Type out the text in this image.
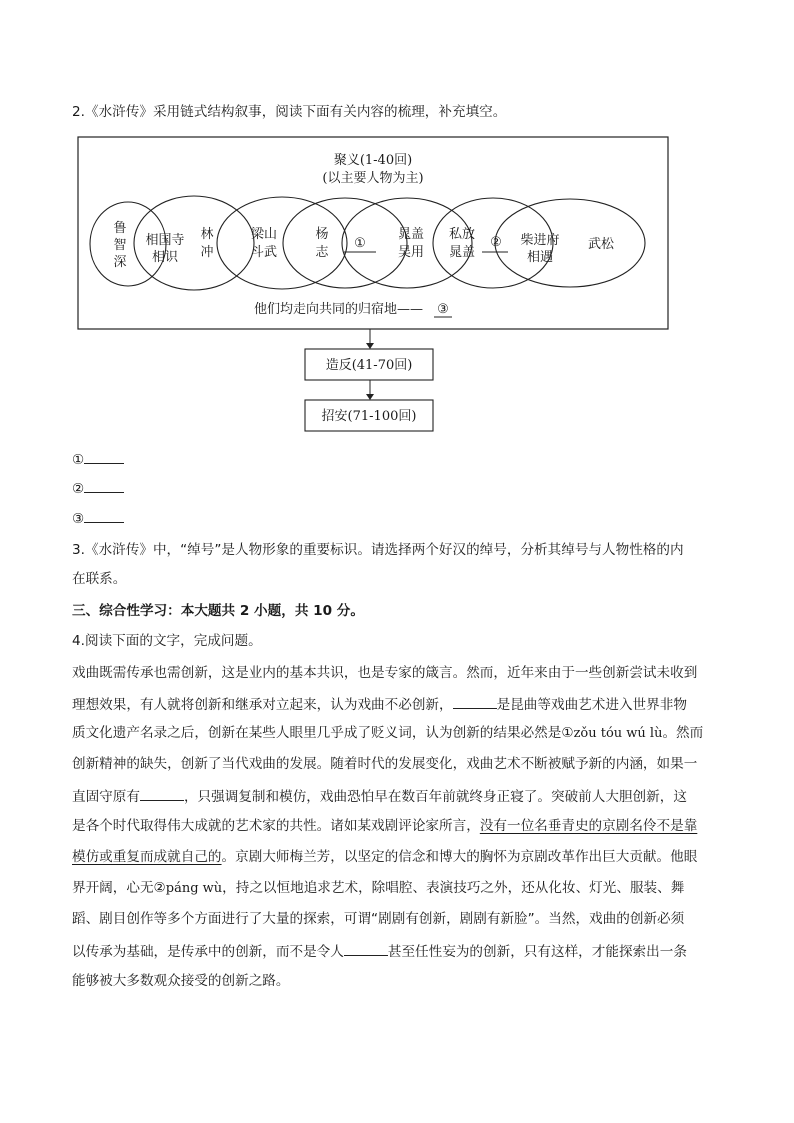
2.《水浒传》采用链式结构叙事，阅读下面有关内容的梳理，补充填空。
聚义(1-40回)
(以主要人物为主)
鲁
智
深
相国寺
相识
林
冲
梁山
斗武
杨
志
①
晁盖
吴用
私放
晁盖
② 柴进府
相遇
武松
他们均走向共同的归宿地—— ③
造反(41-70回)
招安(71-100回)
①
②
③
3.《水浒传》中，“绰号”是人物形象的重要标识。请选择两个好汉的绰号，分析其绰号与人物性格的内
在联系。
三、综合性学习：本大题共 2 小题，共 10 分。
4.阅读下面的文字，完成问题。
戏曲既需传承也需创新，这是业内的基本共识，也是专家的箴言。然而，近年来由于一些创新尝试未收到
理想效果，有人就将创新和继承对立起来，认为戏曲不必创新，	是昆曲等戏曲艺术进入世界非物
质文化遗产名录之后，创新在某些人眼里几乎成了贬义词，认为创新的结果必然是①zǒu tóu wú lù。然而
创新精神的缺失，创新了当代戏曲的发展。随着时代的发展变化，戏曲艺术不断被赋予新的内涵，如果一
直固守原有	，只强调复制和模仿，戏曲恐怕早在数百年前就终身正寝了。突破前人大胆创新，这
是各个时代取得伟大成就的艺术家的共性。诸如某戏剧评论家所言，没有一位名垂青史的京剧名伶不是靠
模仿或重复而成就自己的。京剧大师梅兰芳，以坚定的信念和博大的胸怀为京剧改革作出巨大贡献。他眼
界开阔，心无②páng wù，持之以恒地追求艺术，除唱腔、表演技巧之外，还从化妆、灯光、服装、舞
蹈、剧目创作等多个方面进行了大量的探索，可谓“剧剧有创新，剧剧有新脸”。当然，戏曲的创新必须
以传承为基础，是传承中的创新，而不是令人	甚至任性妄为的创新，只有这样，才能探索出一条
能够被大多数观众接受的创新之路。
